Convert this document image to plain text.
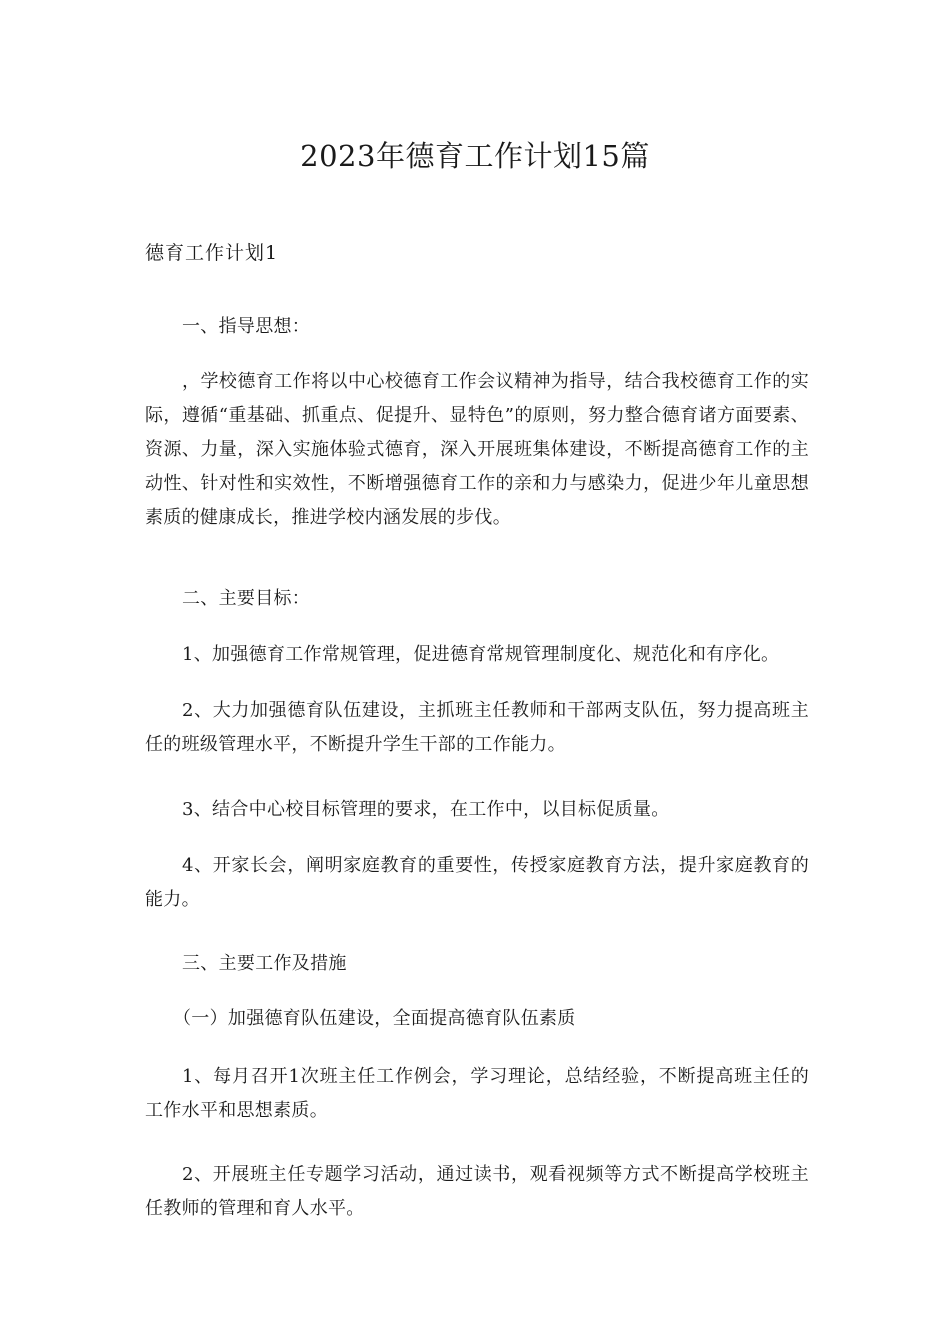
2023年德育工作计划15篇
德育工作计划1

一、指导思想：

，学校德育工作将以中心校德育工作会议精神为指导，结合我校德育工作的实际，遵循“重基础、抓重点、促提升、显特色”的原则，努力整合德育诸方面要素、资源、力量，深入实施体验式德育，深入开展班集体建设，不断提高德育工作的主动性、针对性和实效性，不断增强德育工作的亲和力与感染力，促进少年儿童思想素质的健康成长，推进学校内涵发展的步伐。

二、主要目标：

1、加强德育工作常规管理，促进德育常规管理制度化、规范化和有序化。

2、大力加强德育队伍建设，主抓班主任教师和干部两支队伍，努力提高班主任的班级管理水平，不断提升学生干部的工作能力。

3、结合中心校目标管理的要求，在工作中，以目标促质量。

4、开家长会，阐明家庭教育的重要性，传授家庭教育方法，提升家庭教育的能力。

三、主要工作及措施

（一）加强德育队伍建设，全面提高德育队伍素质

1、每月召开1次班主任工作例会，学习理论，总结经验，不断提高班主任的工作水平和思想素质。

2、开展班主任专题学习活动，通过读书，观看视频等方式不断提高学校班主任教师的管理和育人水平。
